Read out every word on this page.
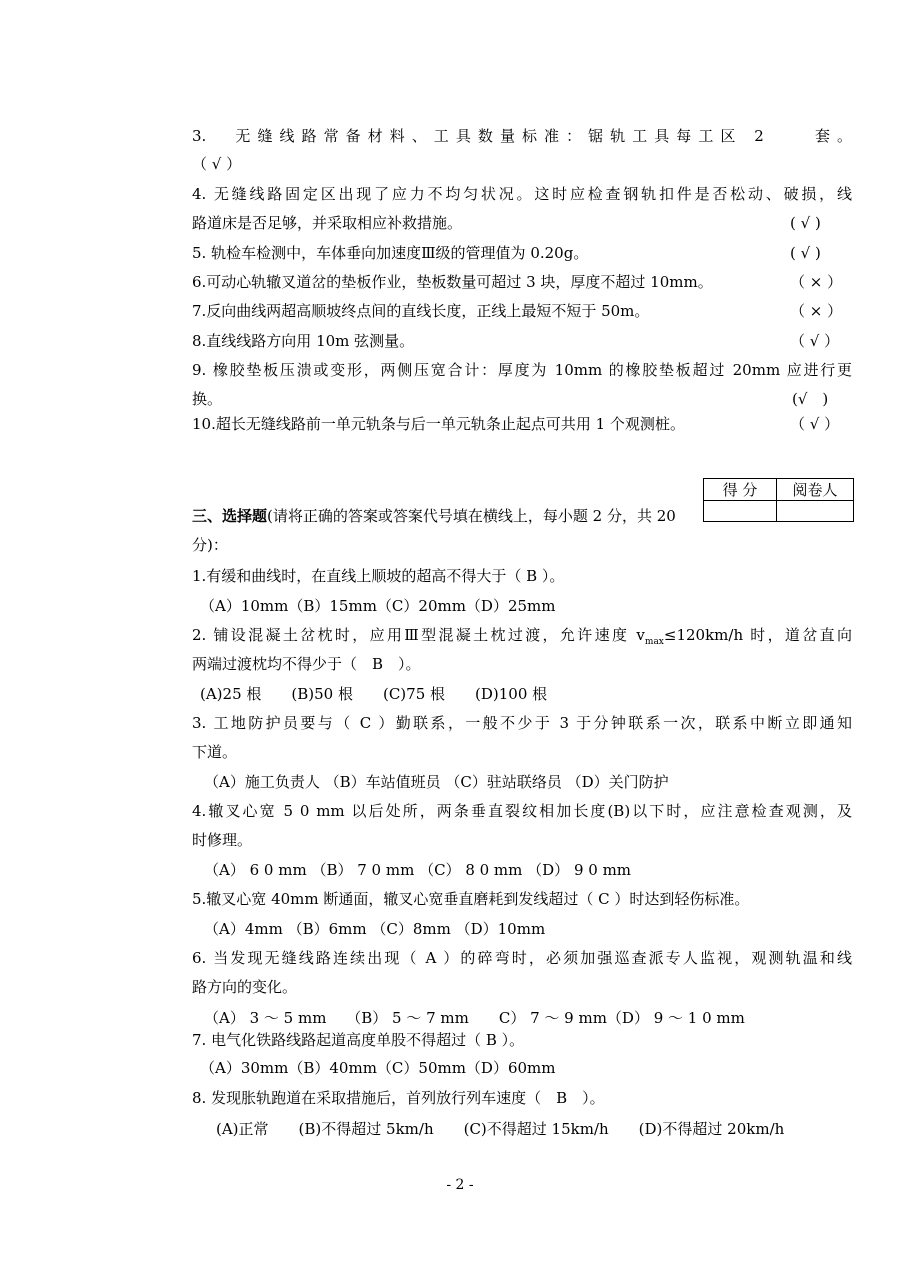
3.　无缝线路常备材料、工具数量标准：锯轨工具每工区 2　　套。
（ √ ）
4. 无缝线路固定区出现了应力不均匀状况。这时应检查钢轨扣件是否松动、破损，线
路道床是否足够，并采取相应补救措施。	( √ )
5. 轨检车检测中，车体垂向加速度Ⅲ级的管理值为 0.20g。	( √ )
6.可动心轨辙叉道岔的垫板作业，垫板数量可超过 3 块，厚度不超过 10mm。	（ × ）
7.反向曲线两超高顺坡终点间的直线长度，正线上最短不短于 50m。	（ × ）
8.直线线路方向用 10m 弦测量。	（ √ ）
9. 橡胶垫板压溃或变形，两侧压宽合计：厚度为 10mm 的橡胶垫板超过 20mm 应进行更
换。	(√　)
10.超长无缝线路前一单元轨条与后一单元轨条止起点可共用 1 个观测桩。	（ √ ）
得 分	阅卷人

三、选择题(请将正确的答案或答案代号填在横线上，每小题 2 分，共 20
分)：
1.有缓和曲线时，在直线上顺坡的超高不得大于（ B ）。
（A）10mm（B）15mm（C）20mm（D）25mm
2. 铺设混凝土岔枕时，应用Ⅲ型混凝土枕过渡，允许速度 $v_{max}\le 120km/h$ 时，道岔直向
两端过渡枕均不得少于（　B　）。
(A)25 根　　(B)50 根　　(C)75 根　　(D)100 根
3. 工地防护员要与（ C ）勤联系，一般不少于 3 于分钟联系一次，联系中断立即通知
下道。
（A）施工负责人 （B）车站值班员 （C）驻站联络员 （D）关门防护
4.辙叉心宽 5 0 mm 以后处所，两条垂直裂纹相加长度(B)以下时，应注意检查观测，及
时修理。
（A） 6 0 mm （B） 7 0 mm （C） 8 0 mm （D） 9 0 mm
5.辙叉心宽 40mm 断通面，辙叉心宽垂直磨耗到发线超过（ C ）时达到轻伤标准。
（A）4mm （B）6mm （C）8mm （D）10mm
6. 当发现无缝线路连续出现（ A ）的碎弯时，必须加强巡查派专人监视，观测轨温和线
路方向的变化。
（A） 3 ～ 5 mm　 （B） 5 ～ 7 mm　　C） 7 ～ 9 mm（D） 9 ～ 1 0 mm
7. 电气化铁路线路起道高度单股不得超过（ B ）。
（A）30mm（B）40mm（C）50mm（D）60mm
8. 发现胀轨跑道在采取措施后，首列放行列车速度（　B　）。
(A)正常　　(B)不得超过 5km/h　　(C)不得超过 15km/h　　(D)不得超过 20km/h
- 2 -
